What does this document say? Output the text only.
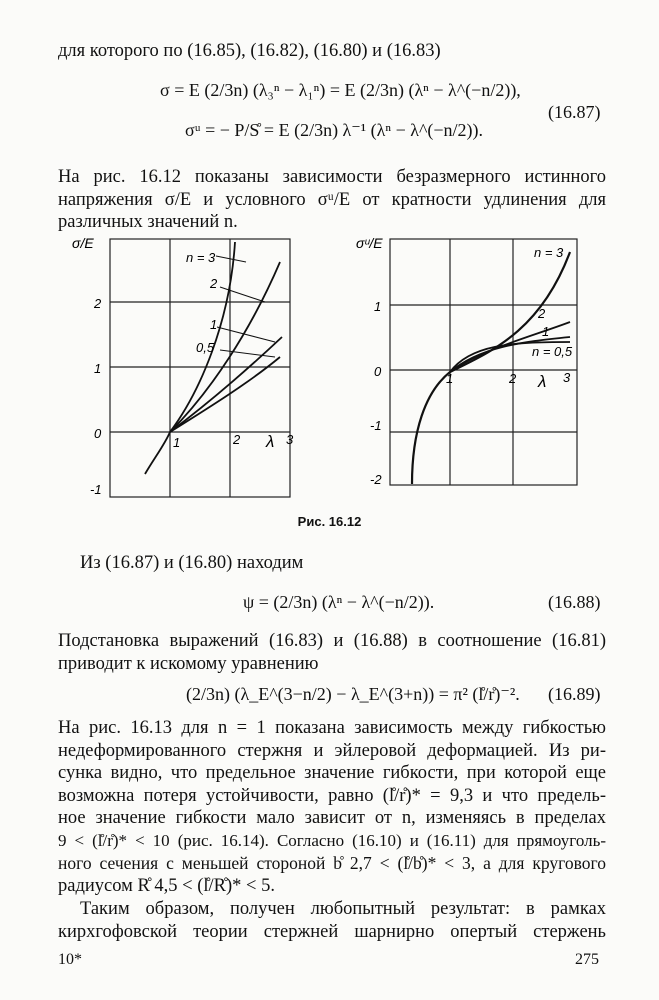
для которого по (16.85), (16.82), (16.80) и (16.83)
σ = E (2/3n) (λ₃ⁿ − λ₁ⁿ) = E (2/3n) (λⁿ − λ^(−n/2)),
σᵘ = − P/S̊ = E (2/3n) λ⁻¹ (λⁿ − λ^(−n/2)).
(16.87)
На рис. 16.12 показаны зависимости безразмерного истинного
напряжения σ/E и условного σᵘ/E от кратности удлинения для
различных значений n.
σ/E
2
1
0
-1
1	2	3
λ
n = 3
2
1
0,5
σᵘ/E
1
0
-1
-2
1	2	3
λ
n = 3
2
1
n = 0,5
Рис. 16.12
Из (16.87) и (16.80) находим
ψ = (2/3n) (λⁿ − λ^(−n/2)).	(16.88)
Подстановка выражений (16.83) и (16.88) в соотношение (16.81)
приводит к искомому уравнению
(2/3n) (λ_E^(3−n/2) − λ_E^(3+n)) = π² (l̊/r̊)⁻². (16.89)
На рис. 16.13 для n = 1 показана зависимость между гибкостью
недеформированного стержня и эйлеровой деформацией. Из ри-
сунка видно, что предельное значение гибкости, при которой еще
возможна потеря устойчивости, равно (l̊/r̊)* = 9,3 и что предель-
ное значение гибкости мало зависит от n, изменяясь в пределах
9 < (l̊/r̊)* < 10 (рис. 16.14). Согласно (16.10) и (16.11) для прямоуголь-
ного сечения с меньшей стороной b̊ 2,7 < (l̊/b̊)* < 3, а для кругового
радиусом R̊ 4,5 < (l̊/R̊)* < 5.
Таким образом, получен любопытный результат: в рамках
кирхгофовской теории стержней шарнирно опертый стержень
10*	275
